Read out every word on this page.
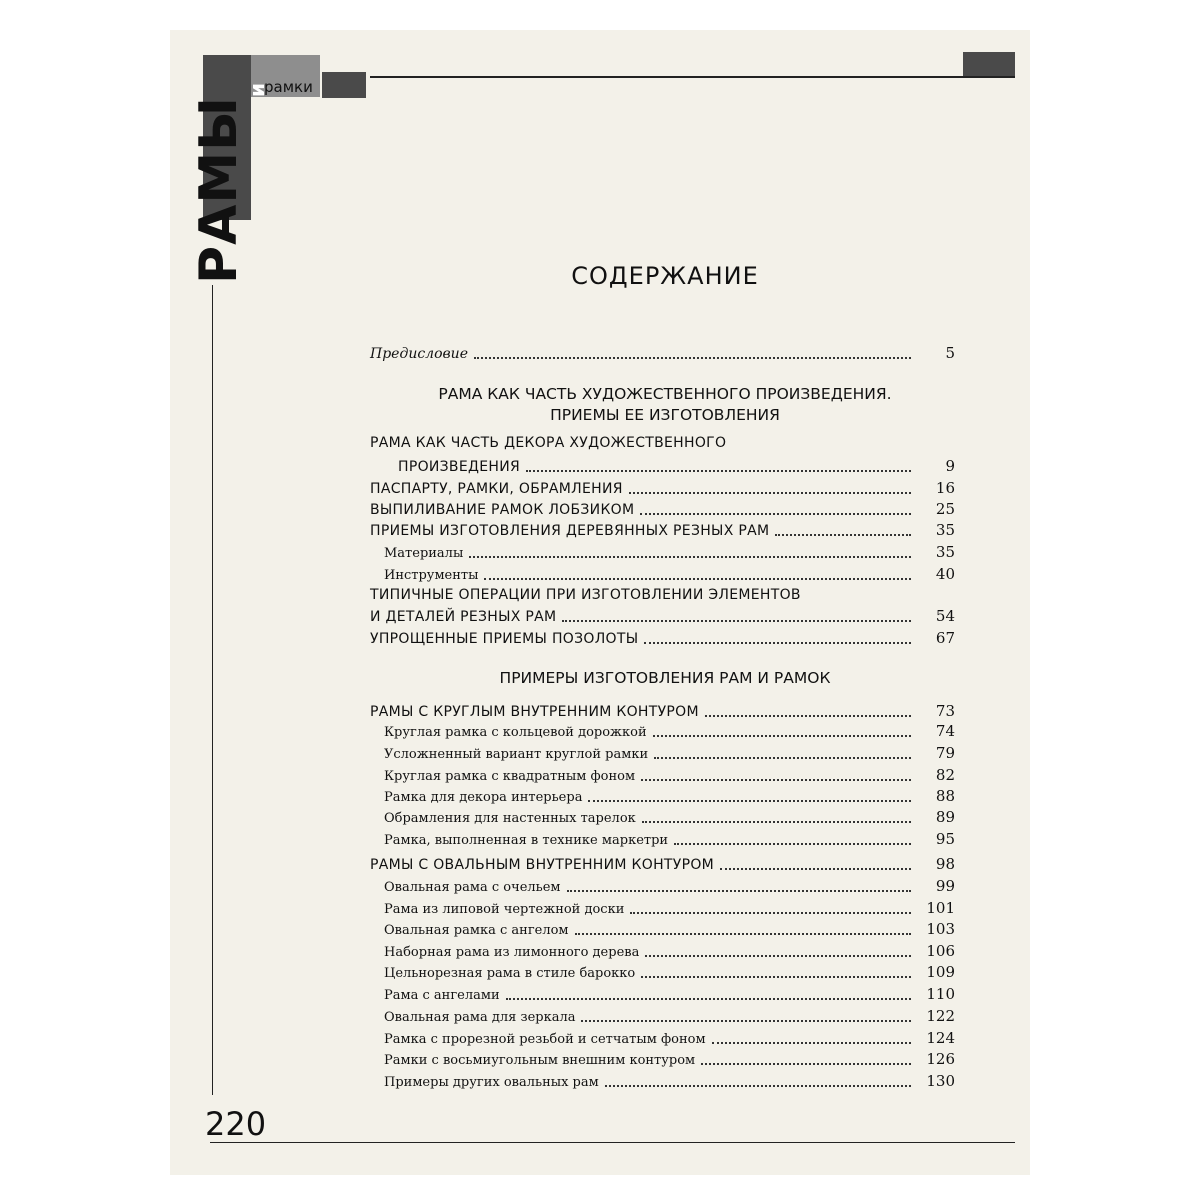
РАМЫ
и
рамки
220
СОДЕРЖАНИЕ
Предисловие	5
РАМА КАК ЧАСТЬ ХУДОЖЕСТВЕННОГО ПРОИЗВЕДЕНИЯ.
ПРИЕМЫ ЕЕ ИЗГОТОВЛЕНИЯ
РАМА КАК ЧАСТЬ ДЕКОРА ХУДОЖЕСТВЕННОГО
ПРОИЗВЕДЕНИЯ	9
ПАСПАРТУ, РАМКИ, ОБРАМЛЕНИЯ	16
ВЫПИЛИВАНИЕ РАМОК ЛОБЗИКОМ	25
ПРИЕМЫ ИЗГОТОВЛЕНИЯ ДЕРЕВЯННЫХ РЕЗНЫХ РАМ	35
Материалы	35
Инструменты	40
ТИПИЧНЫЕ ОПЕРАЦИИ ПРИ ИЗГОТОВЛЕНИИ ЭЛЕМЕНТОВ
И ДЕТАЛЕЙ РЕЗНЫХ РАМ	54
УПРОЩЕННЫЕ ПРИЕМЫ ПОЗОЛОТЫ	67
ПРИМЕРЫ ИЗГОТОВЛЕНИЯ РАМ И РАМОК
РАМЫ С КРУГЛЫМ ВНУТРЕННИМ КОНТУРОМ	73
Круглая рамка с кольцевой дорожкой	74
Усложненный вариант круглой рамки	79
Круглая рамка с квадратным фоном	82
Рамка для декора интерьера	88
Обрамления для настенных тарелок	89
Рамка, выполненная в технике маркетри	95
РАМЫ С ОВАЛЬНЫМ ВНУТРЕННИМ КОНТУРОМ	98
Овальная рама с очельем	99
Рама из липовой чертежной доски	101
Овальная рамка с ангелом	103
Наборная рама из лимонного дерева	106
Цельнорезная рама в стиле барокко	109
Рама с ангелами	110
Овальная рама для зеркала	122
Рамка с прорезной резьбой и сетчатым фоном	124
Рамки с восьмиугольным внешним контуром	126
Примеры других овальных рам	130
